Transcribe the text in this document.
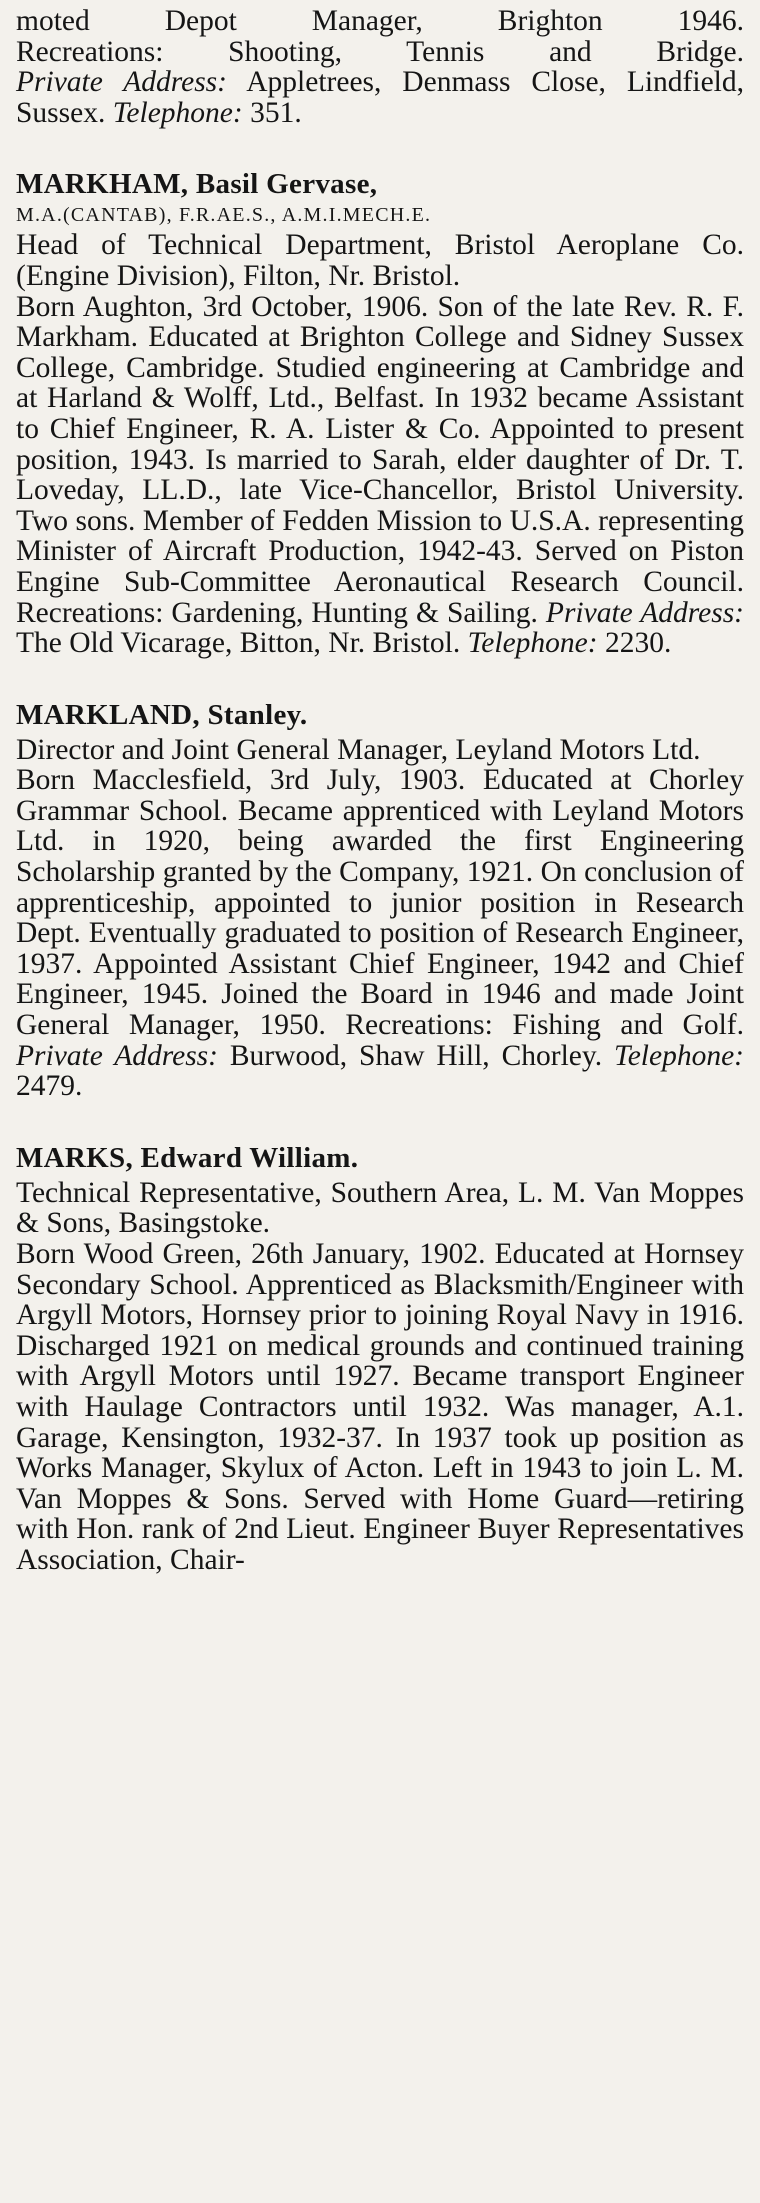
moted Depot Manager, Brighton 1946.

Recreations: Shooting, Tennis and Bridge.

Private Address: Appletrees, Denmass Close, Lindfield, Sussex. Telephone: 351.

MARKHAM, Basil Gervase,

M.A.(CANTAB), F.R.AE.S., A.M.I.MECH.E.

Head of Technical Department, Bristol Aeroplane Co. (Engine Division), Filton, Nr. Bristol.

Born Aughton, 3rd October, 1906. Son of the late Rev. R. F. Markham. Educated at Brighton College and Sidney Sussex College, Cambridge. Studied engineering at Cambridge and at Harland & Wolff, Ltd., Belfast. In 1932 became Assistant to Chief Engineer, R. A. Lister & Co. Appointed to present position, 1943. Is married to Sarah, elder daughter of Dr. T. Loveday, LL.D., late Vice-Chancellor, Bristol University. Two sons. Member of Fedden Mission to U.S.A. representing Minister of Aircraft Production, 1942-43. Served on Piston Engine Sub-Committee Aeronautical Research Council. Recreations: Gardening, Hunting & Sailing. Private Address: The Old Vicarage, Bitton, Nr. Bristol. Telephone: 2230.

MARKLAND, Stanley.

Director and Joint General Manager, Leyland Motors Ltd.

Born Macclesfield, 3rd July, 1903. Educated at Chorley Grammar School. Became apprenticed with Leyland Motors Ltd. in 1920, being awarded the first Engineering Scholarship granted by the Company, 1921. On conclusion of apprenticeship, appointed to junior position in Research Dept. Eventually graduated to position of Research Engineer, 1937. Appointed Assistant Chief Engineer, 1942 and Chief Engineer, 1945. Joined the Board in 1946 and made Joint General Manager, 1950. Recreations: Fishing and Golf. Private Address: Burwood, Shaw Hill, Chorley. Telephone: 2479.

MARKS, Edward William.

Technical Representative, Southern Area, L. M. Van Moppes & Sons, Basingstoke.

Born Wood Green, 26th January, 1902. Educated at Hornsey Secondary School. Apprenticed as Blacksmith/Engineer with Argyll Motors, Hornsey prior to joining Royal Navy in 1916. Discharged 1921 on medical grounds and continued training with Argyll Motors until 1927. Became transport Engineer with Haulage Contractors until 1932. Was manager, A.1. Garage, Kensington, 1932-37. In 1937 took up position as Works Manager, Skylux of Acton. Left in 1943 to join L. M. Van Moppes & Sons. Served with Home Guard—retiring with Hon. rank of 2nd Lieut. Engineer Buyer Representatives Association, Chair-
